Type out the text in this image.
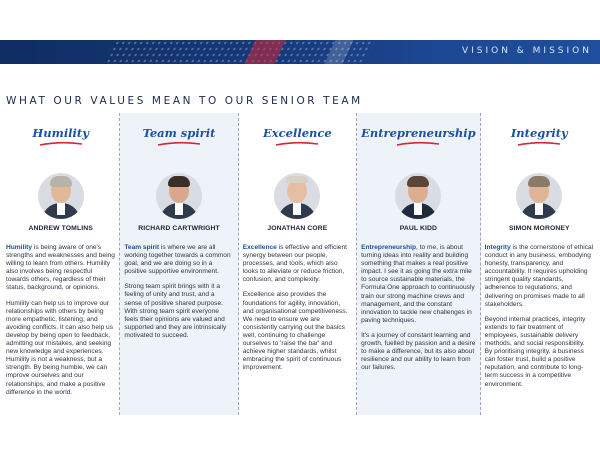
VISION & MISSION
WHAT OUR VALUES MEAN TO OUR SENIOR TEAM
Humility
ANDREW TOMLINS

Humility is being aware of one's strengths and weaknesses and being willing to learn from others. Humility also involves being respectful towards others, regardless of their status, background, or opinions.

Humility can help us to improve our relationships with others by being more empathetic, listening, and avoiding conflicts. It can also help us develop by being open to feedback, admitting our mistakes, and seeking new knowledge and experiences. Humility is not a weakness, but a strength. By being humble, we can improve ourselves and our relationships, and make a positive difference in the world.

Team spirit
RICHARD CARTWRIGHT

Team spirit is where we are all working together towards a common goal, and we are doing so in a positive supportive environment.

Strong team spirit brings with it a feeling of unity and trust, and a sense of positive shared purpose. With strong team spirit everyone feels their opinions are valued and supported and they are intrinsically motivated to succeed.

Excellence
JONATHAN CORE

Excellence is effective and efficient synergy between our people, processes, and tools, which also looks to alleviate or reduce friction, confusion, and complexity.

Excellence also provides the foundations for agility, innovation, and organisational competitiveness. We need to ensure we are consistently carrying out the basics well, continuing to challenge ourselves to 'raise the bar' and achieve higher standards, whilst embracing the spirit of continuous improvement.

Entrepreneurship
PAUL KIDD

Entrepreneurship, to me, is about turning ideas into reality and building something that makes a real positive impact. I see it as going the extra mile to source sustainable materials, the Formula One approach to continuously train our strong machine crews and management, and the constant innovation to tackle new challenges in paving techniques.

It's a journey of constant learning and growth, fuelled by passion and a desire to make a difference, but its also about resilience and our ability to learn from our failures.

Integrity
SIMON MORONEY

Integrity is the cornerstone of ethical conduct in any business, embodying honesty, transparency, and accountability. It requires upholding stringent quality standards, adherence to regulations, and delivering on promises made to all stakeholders.

Beyond internal practices, integrity extends to fair treatment of employees, sustainable delivery methods, and social responsibility. By prioritising integrity, a business can foster trust, build a positive reputation, and contribute to long-term success in a competitive environment.
